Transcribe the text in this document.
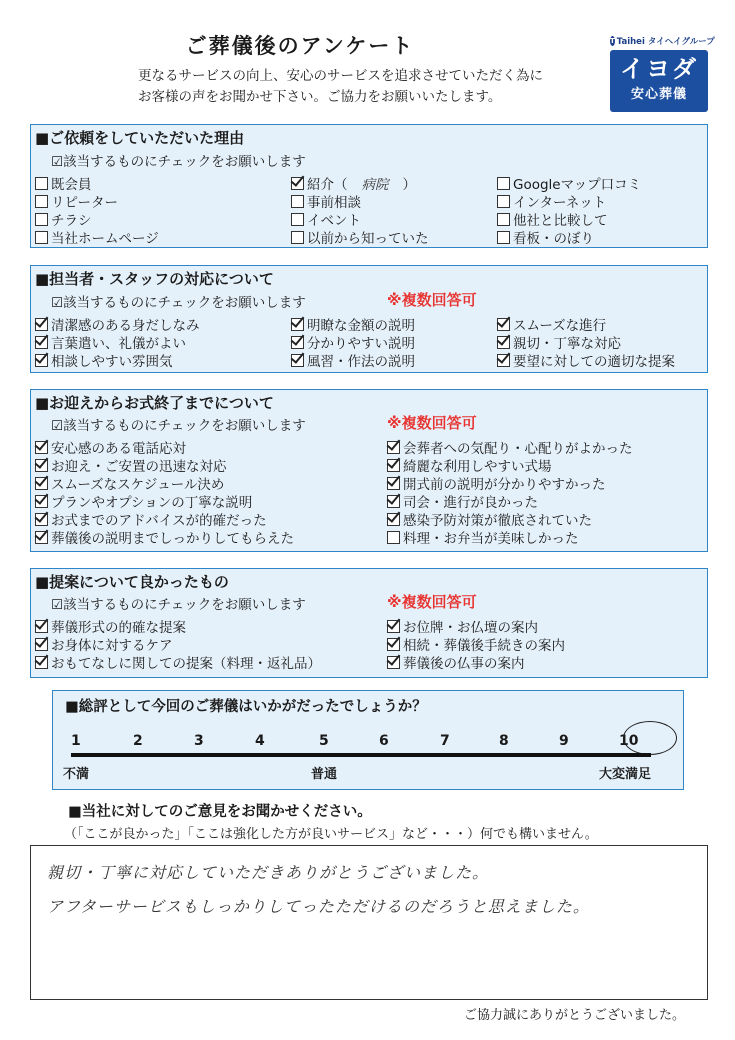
ご葬儀後のアンケート
更なるサービスの向上、安心のサービスを追求させていただく為に
お客様の声をお聞かせ下さい。ご協力をお願いいたします。
T Taihei タイヘイグループ
イヨダ
安心葬儀
■ご依頼をしていただいた理由
☑該当するものにチェックをお願いします
既会員
リピーター
チラシ
当社ホームページ
紹介（ 病院 ）
事前相談
イベント
以前から知っていた
Googleマップ口コミ
インターネット
他社と比較して
看板・のぼり
■担当者・スタッフの対応について
☑該当するものにチェックをお願いします	※複数回答可
清潔感のある身だしなみ
言葉遣い、礼儀がよい
相談しやすい雰囲気
明瞭な金額の説明
分かりやすい説明
風習・作法の説明
スムーズな進行
親切・丁寧な対応
要望に対しての適切な提案
■お迎えからお式終了までについて
☑該当するものにチェックをお願いします	※複数回答可
安心感のある電話応対
お迎え・ご安置の迅速な対応
スムーズなスケジュール決め
プランやオプションの丁寧な説明
お式までのアドバイスが的確だった
葬儀後の説明までしっかりしてもらえた
会葬者への気配り・心配りがよかった
綺麗な利用しやすい式場
開式前の説明が分かりやすかった
司会・進行が良かった
感染予防対策が徹底されていた
料理・お弁当が美味しかった
■提案について良かったもの
☑該当するものにチェックをお願いします	※複数回答可
葬儀形式の的確な提案
お身体に対するケア
おもてなしに関しての提案（料理・返礼品）
お位牌・お仏壇の案内
相続・葬儀後手続きの案内
葬儀後の仏事の案内
■総評として今回のご葬儀はいかがだったでしょうか？
1	2	3	4	5	6	7	8	9	10
不満	普通	大変満足
■当社に対してのご意見をお聞かせください。
（「ここが良かった」「ここは強化した方が良いサービス」など・・・）何でも構いません。
親切・丁寧に対応していただきありがとうございました。
アフターサービスもしっかりしてったただけるのだろうと思えました。
ご協力誠にありがとうございました。
